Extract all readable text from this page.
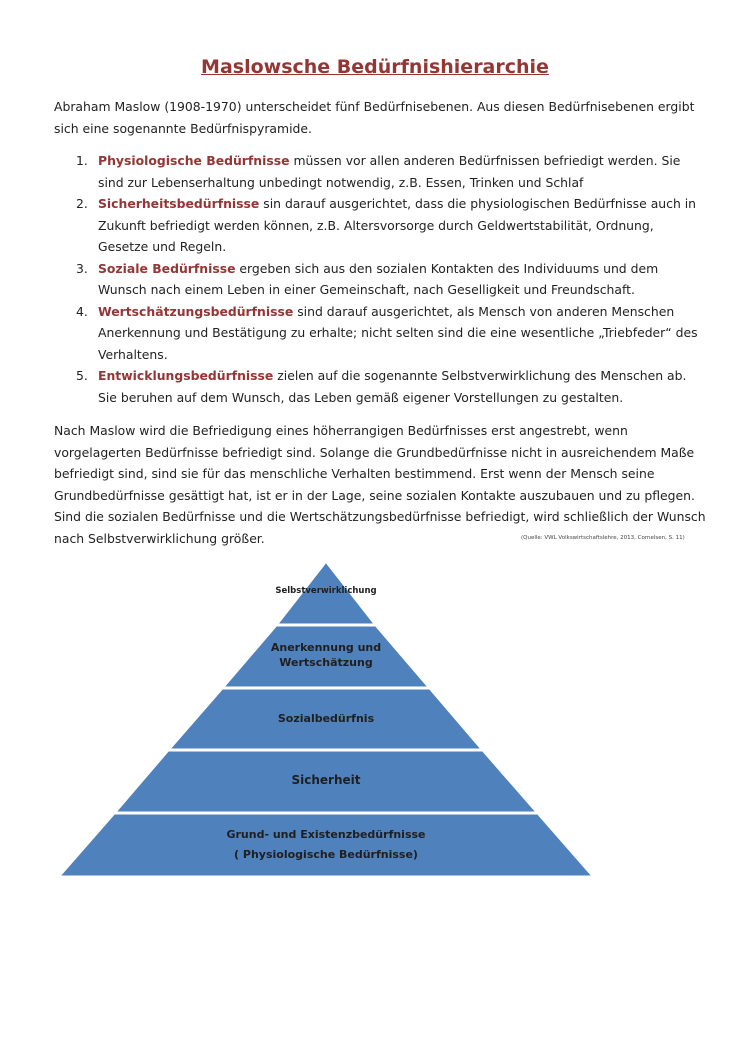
Maslowsche Bedürfnishierarchie
Abraham Maslow (1908-1970) unterscheidet fünf Bedürfnisebenen. Aus diesen Bedürfnisebenen ergibt sich eine sogenannte Bedürfnispyramide.
1. Physiologische Bedürfnisse müssen vor allen anderen Bedürfnissen befriedigt werden. Sie sind zur Lebenserhaltung unbedingt notwendig, z.B. Essen, Trinken und Schlaf
2. Sicherheitsbedürfnisse sin darauf ausgerichtet, dass die physiologischen Bedürfnisse auch in Zukunft befriedigt werden können, z.B. Altersvorsorge durch Geldwertstabilität, Ordnung, Gesetze und Regeln.
3. Soziale Bedürfnisse ergeben sich aus den sozialen Kontakten des Individuums und dem Wunsch nach einem Leben in einer Gemeinschaft, nach Geselligkeit und Freundschaft.
4. Wertschätzungsbedürfnisse sind darauf ausgerichtet, als Mensch von anderen Menschen Anerkennung und Bestätigung zu erhalte; nicht selten sind die eine wesentliche „Triebfeder“ des Verhaltens.
5. Entwicklungsbedürfnisse zielen auf die sogenannte Selbstverwirklichung des Menschen ab. Sie beruhen auf dem Wunsch, das Leben gemäß eigener Vorstellungen zu gestalten.
Nach Maslow wird die Befriedigung eines höherrangigen Bedürfnisses erst angestrebt, wenn vorgelagerten Bedürfnisse befriedigt sind. Solange die Grundbedürfnisse nicht in ausreichendem Maße befriedigt sind, sind sie für das menschliche Verhalten bestimmend. Erst wenn der Mensch seine Grundbedürfnisse gesättigt hat, ist er in der Lage, seine sozialen Kontakte auszubauen und zu pflegen. Sind die sozialen Bedürfnisse und die Wertschätzungsbedürfnisse befriedigt, wird schließlich der Wunsch nach Selbstverwirklichung größer.	(Quelle: VWL Volkswirtschaftslehre, 2013, Cornelsen, S. 11)
Selbstverwirklichung
Anerkennung und
Wertschätzung
Sozialbedürfnis
Sicherheit
Grund- und Existenzbedürfnisse
( Physiologische Bedürfnisse)
